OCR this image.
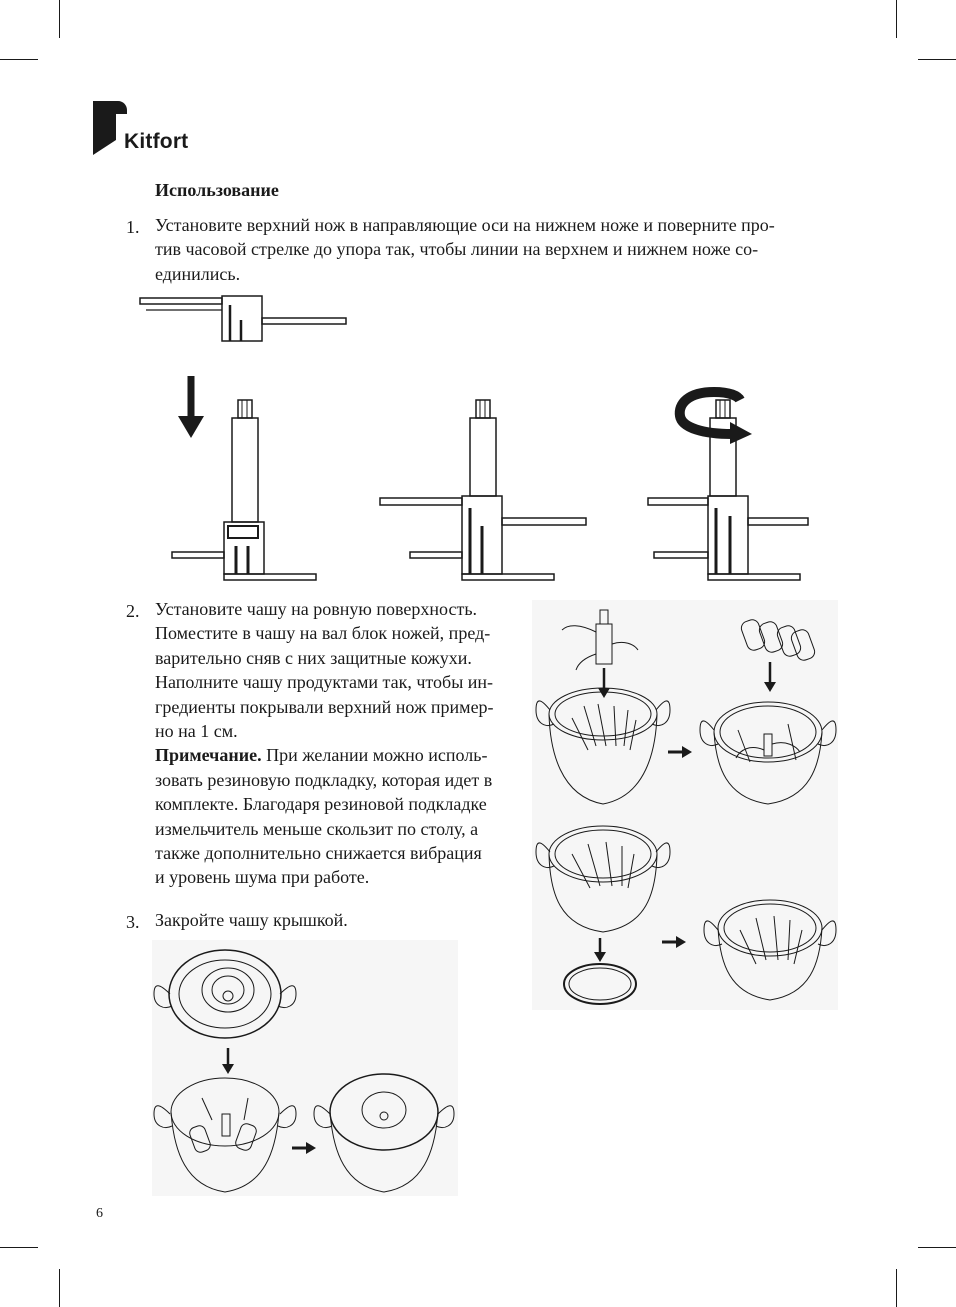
Kitfort
Использование
1. Установите верхний нож в направляющие оси на нижнем ноже и поверните про-
тив часовой стрелке до упора так, чтобы линии на верхнем и нижнем ноже со-
единились.
2. Установите чашу на ровную поверхность.
Поместите в чашу на вал блок ножей, пред-
варительно сняв с них защитные кожухи.
Наполните чашу продуктами так, чтобы ин-
гредиенты покрывали верхний нож пример-
но на 1 см.
Примечание. При желании можно исполь-
зовать резиновую подкладку, которая идет в
комплекте. Благодаря резиновой подкладке
измельчитель меньше скользит по столу, а
также дополнительно снижается вибрация
и уровень шума при работе.
3. Закройте чашу крышкой.
6
